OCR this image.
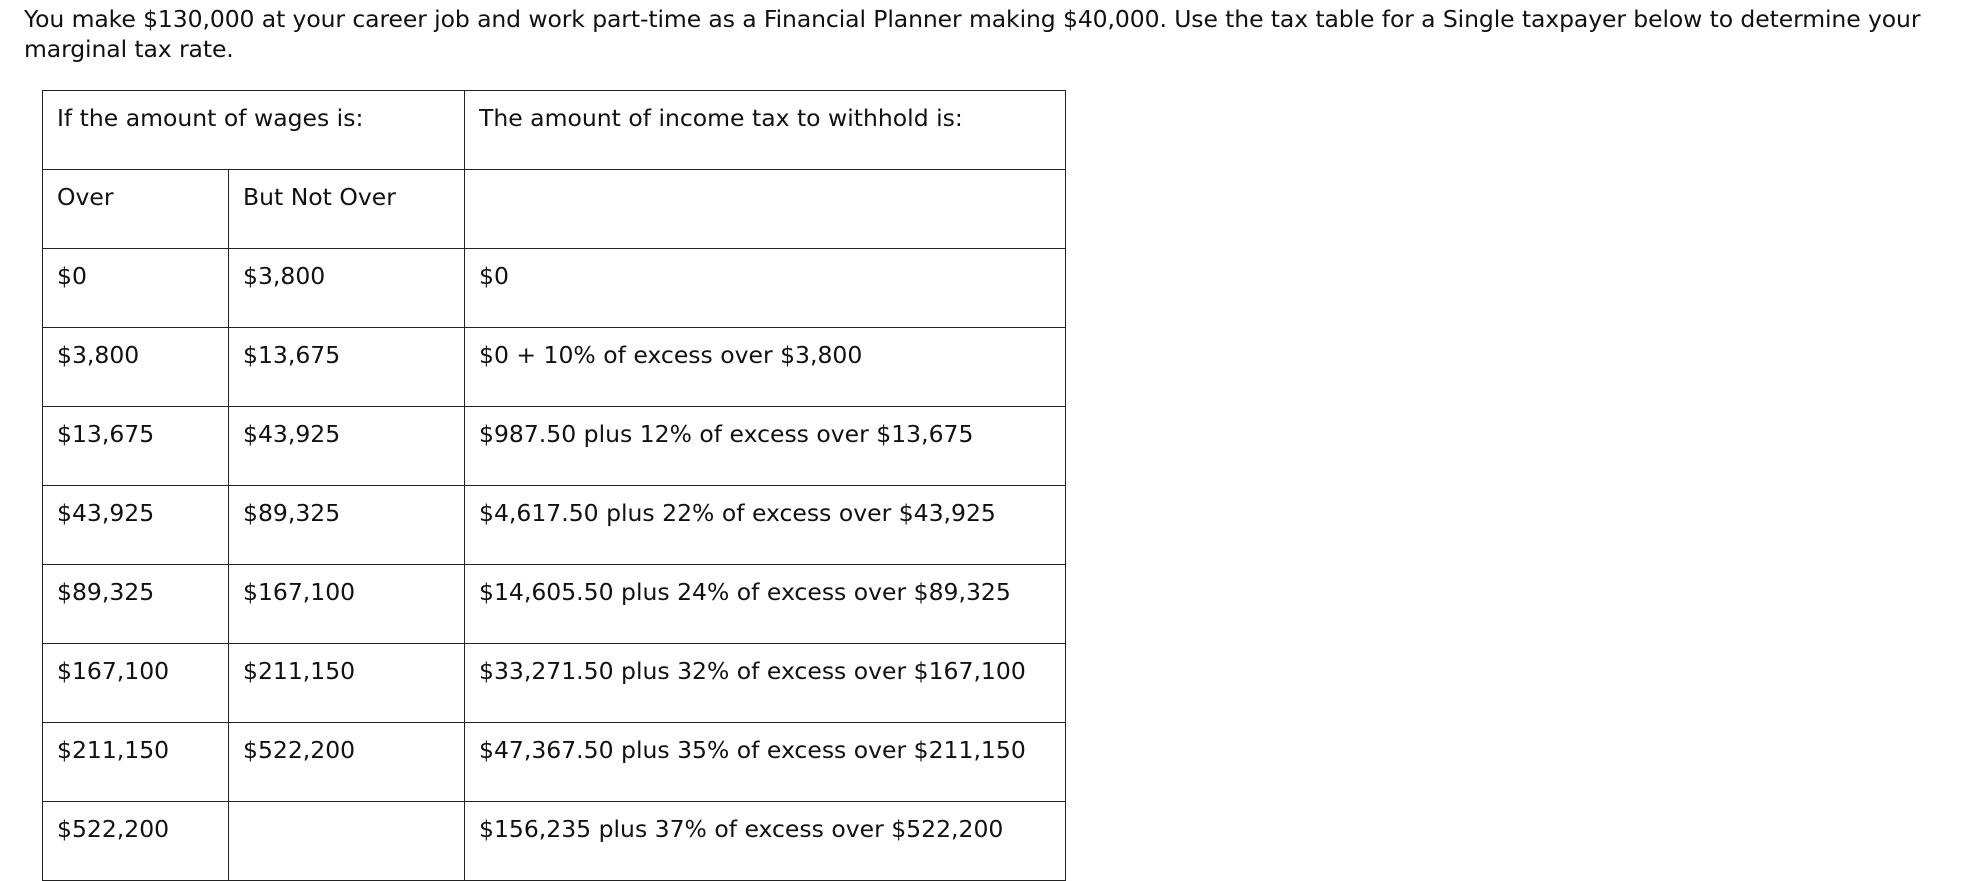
You make $130,000 at your career job and work part-time as a Financial Planner making $40,000. Use the tax table for a Single taxpayer below to determine your marginal tax rate.
If the amount of wages is:		The amount of income tax to withhold is:

Over	But Not Over	

$0	$3,800	$0

$3,800	$13,675	$0 + 10% of excess over $3,800

$13,675	$43,925	$987.50 plus 12% of excess over $13,675

$43,925	$89,325	$4,617.50 plus 22% of excess over $43,925

$89,325	$167,100	$14,605.50 plus 24% of excess over $89,325

$167,100	$211,150	$33,271.50 plus 32% of excess over $167,100

$211,150	$522,200	$47,367.50 plus 35% of excess over $211,150

$522,200		$156,235 plus 37% of excess over $522,200
